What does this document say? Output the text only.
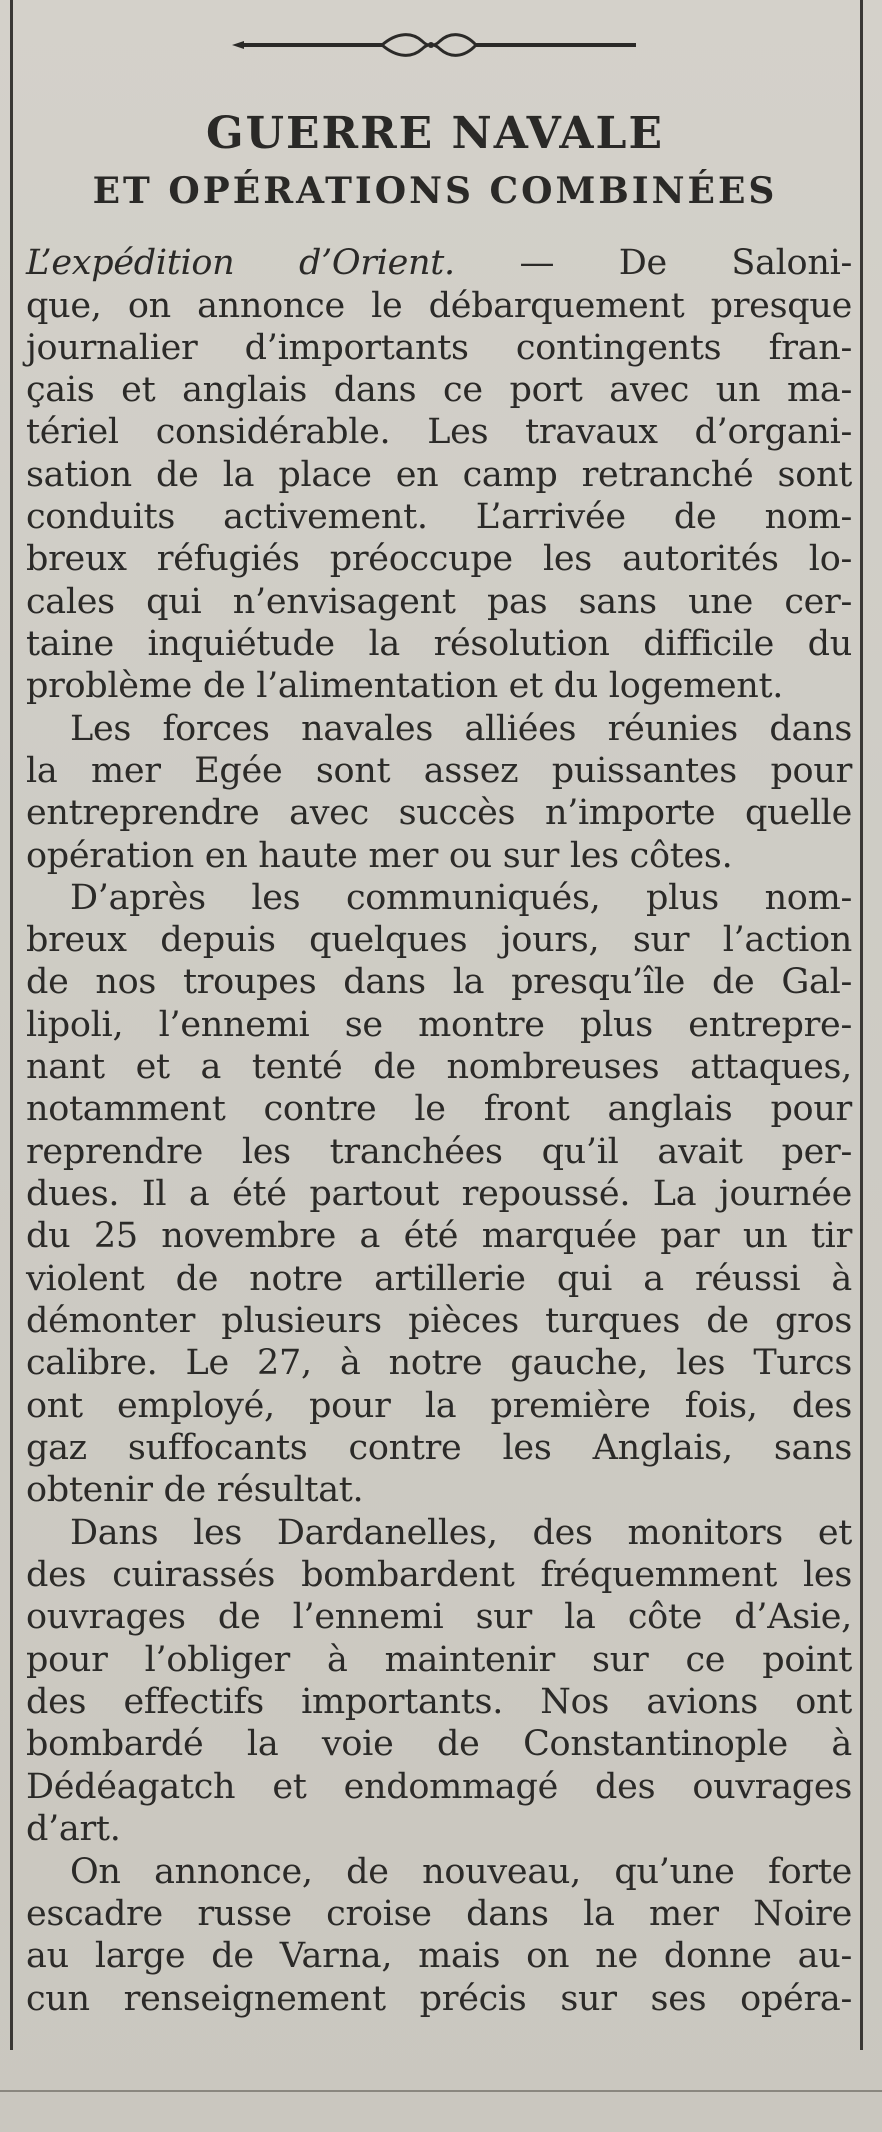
GUERRE NAVALE
ET OPÉRATIONS COMBINÉES
L’expédition d’Orient. — De Saloni-
que, on annonce le débarquement presque
journalier d’importants contingents fran-
çais et anglais dans ce port avec un ma-
tériel considérable. Les travaux d’organi-
sation de la place en camp retranché sont
conduits activement. L’arrivée de nom-
breux réfugiés préoccupe les autorités lo-
cales qui n’envisagent pas sans une cer-
taine inquiétude la résolution difficile du
problème de l’alimentation et du logement.
Les forces navales alliées réunies dans
la mer Egée sont assez puissantes pour
entreprendre avec succès n’importe quelle
opération en haute mer ou sur les côtes.
D’après les communiqués, plus nom-
breux depuis quelques jours, sur l’action
de nos troupes dans la presqu’île de Gal-
lipoli, l’ennemi se montre plus entrepre-
nant et a tenté de nombreuses attaques,
notamment contre le front anglais pour
reprendre les tranchées qu’il avait per-
dues. Il a été partout repoussé. La journée
du 25 novembre a été marquée par un tir
violent de notre artillerie qui a réussi à
démonter plusieurs pièces turques de gros
calibre. Le 27, à notre gauche, les Turcs
ont employé, pour la première fois, des
gaz suffocants contre les Anglais, sans
obtenir de résultat.
Dans les Dardanelles, des monitors et
des cuirassés bombardent fréquemment les
ouvrages de l’ennemi sur la côte d’Asie,
pour l’obliger à maintenir sur ce point
des effectifs importants. Nos avions ont
bombardé la voie de Constantinople à
Dédéagatch et endommagé des ouvrages
d’art.
On annonce, de nouveau, qu’une forte
escadre russe croise dans la mer Noire
au large de Varna, mais on ne donne au-
cun renseignement précis sur ses opéra-
